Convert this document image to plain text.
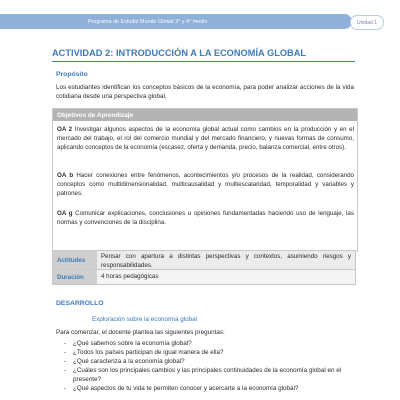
Programa de Estudio Mundo Global 3° y 4° medio	Unidad 1
ACTIVIDAD 2: INTRODUCCIÓN A LA ECONOMÍA GLOBAL
Propósito
Los estudiantes identifican los conceptos básicos de la economía, para poder analizar acciones de la vida cotidiana desde una perspectiva global.
Objetivos de Aprendizaje
OA 2 Investigar algunos aspectos de la economía global actual como cambios en la producción y en el mercado del trabajo, el rol del comercio mundial y del mercado financiero, y nuevas formas de consumo, aplicando conceptos de la economía (escasez, oferta y demanda, precio, balanza comercial, entre otros).
OA b Hacer conexiones entre fenómenos, acontecimientos y/o procesos de la realidad, considerando conceptos como multidimensionalidad, multicausalidad y multiescalaridad, temporalidad y variables y patrones.
OA g Comunicar explicaciones, conclusiones u opiniones fundamentadas haciendo uso de lenguaje, las normas y convenciones de la disciplina.
Actitudes	Pensar con apertura a distintas perspectivas y contextos, asumiendo riesgos y responsabilidades.
Duración	4 horas pedagógicas
DESARROLLO
Exploración sobre la economía global
Para comenzar, el docente plantea las siguientes preguntas:
-	¿Qué sabemos sobre la economía global?
-	¿Todos los países participan de igual manera de ella?
-	¿Qué caracteriza a la economía global?
-	¿Cuáles son los principales cambios y las principales continuidades de la economía global en el presente?
-	¿Qué aspectos de tu vida te permiten conocer y acercarte a la economía global?
